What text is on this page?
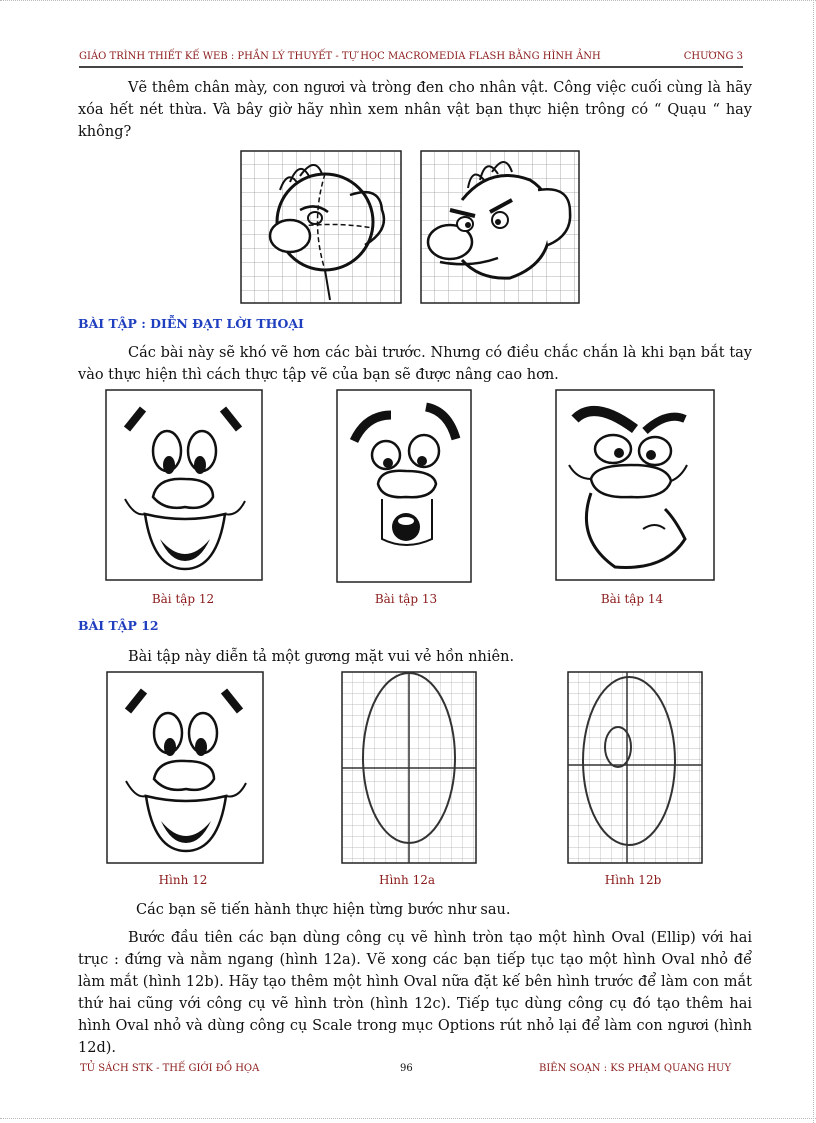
GIÁO TRÌNH THIẾT KẾ WEB : PHẦN LÝ THUYẾT - TỰ HỌC MACROMEDIA FLASH BẰNG HÌNH ẢNH	CHƯƠNG 3

Vẽ thêm chân mày, con ngươi và tròng đen cho nhân vật. Công việc cuối cùng là hãy xóa hết nét thừa. Và bây giờ hãy nhìn xem nhân vật bạn thực hiện trông có “ Quạu “ hay không?

BÀI TẬP : DIỄN ĐẠT LỜI THOẠI

Các bài này sẽ khó vẽ hơn các bài trước. Nhưng có điều chắc chắn là khi bạn bắt tay vào thực hiện thì cách thực tập vẽ của bạn sẽ được nâng cao hơn.

Bài tập 12	Bài tập 13	Bài tập 14
BÀI TẬP 12

Bài tập này diễn tả một gương mặt vui vẻ hồn nhiên.

Hình 12	Hình 12a	Hình 12b

Các bạn sẽ tiến hành thực hiện từng bước như sau.

Bước đầu tiên các bạn dùng công cụ vẽ hình tròn tạo một hình Oval (Ellip) với hai trục : đứng và nằm ngang (hình 12a). Vẽ xong các bạn tiếp tục tạo một hình Oval nhỏ để làm mắt (hình 12b). Hãy tạo thêm một hình Oval nữa đặt kế bên hình trước để làm con mắt thứ hai cũng với công cụ vẽ hình tròn (hình 12c). Tiếp tục dùng công cụ đó tạo thêm hai hình Oval nhỏ và dùng công cụ Scale trong mục Options rút nhỏ lại để làm con ngươi (hình 12d).

TỦ SÁCH STK - THẾ GIỚI ĐỒ HỌA	96	BIÊN SOẠN : KS PHẠM QUANG HUY
